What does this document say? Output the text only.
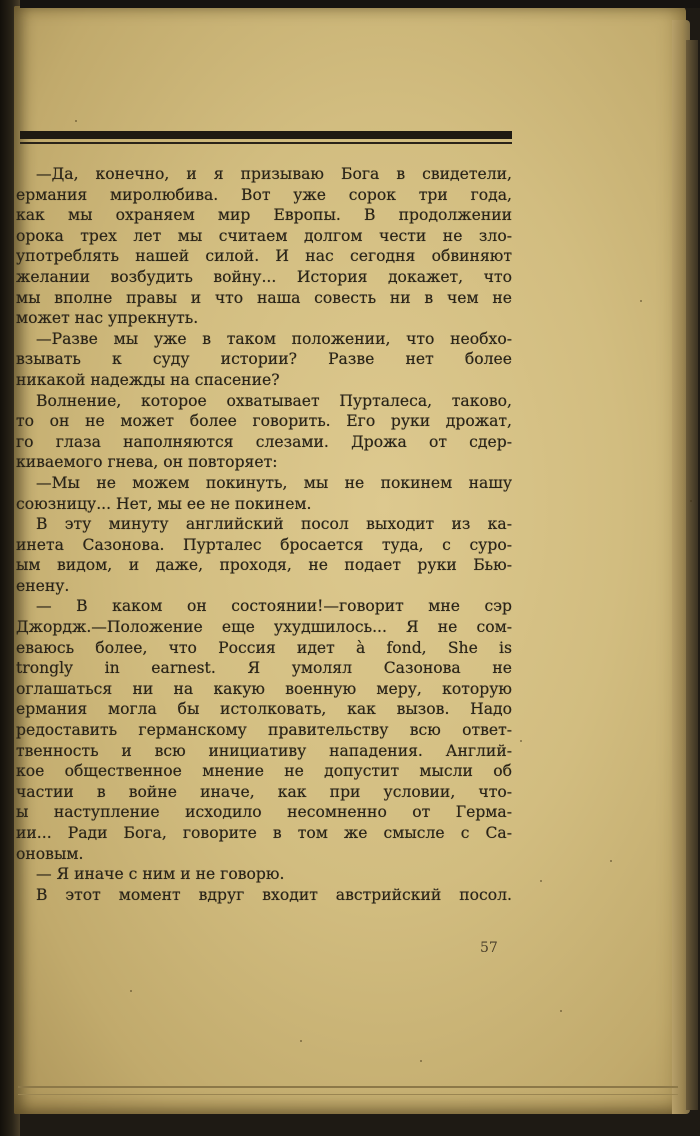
—Да, конечно, и я призываю Бога в свидетели,
ермания миролюбива. Вот уже сорок три года,
как мы охраняем мир Европы. В продолжении
орока трех лет мы считаем долгом чести не зло-
употреблять нашей силой. И нас сегодня обвиняют
желании возбудить войну... История докажет, что
мы вполне правы и что наша совесть ни в чем не
может нас упрекнуть.
—Разве мы уже в таком положении, что необхо-
взывать к суду истории? Разве нет более
никакой надежды на спасение?
Волнение, которое охватывает Пурталеса, таково,
то он не может более говорить. Его руки дрожат,
го глаза наполняются слезами. Дрожа от сдер-
киваемого гнева, он повторяет:
—Мы не можем покинуть, мы не покинем нашу
союзницу... Нет, мы ее не покинем.
В эту минуту английский посол выходит из ка-
инета Сазонова. Пурталес бросается туда, с суро-
ым видом, и даже, проходя, не подает руки Бью-
енену.
— В каком он состоянии!—говорит мне сэр
Джордж.—Положение еще ухудшилось... Я не сом-
еваюсь более, что Россия идет à fond, She is
trongly in earnest. Я умолял Сазонова не
оглашаться ни на какую военную меру, которую
ермания могла бы истолковать, как вызов. Надо
редоставить германскому правительству всю ответ-
твенность и всю инициативу нападения. Англий-
кое общественное мнение не допустит мысли об
частии в войне иначе, как при условии, что-
ы наступление исходило несомненно от Герма-
ии... Ради Бога, говорите в том же смысле с Са-
оновым.
— Я иначе с ним и не говорю.
В этот момент вдруг входит австрийский посол.
57
